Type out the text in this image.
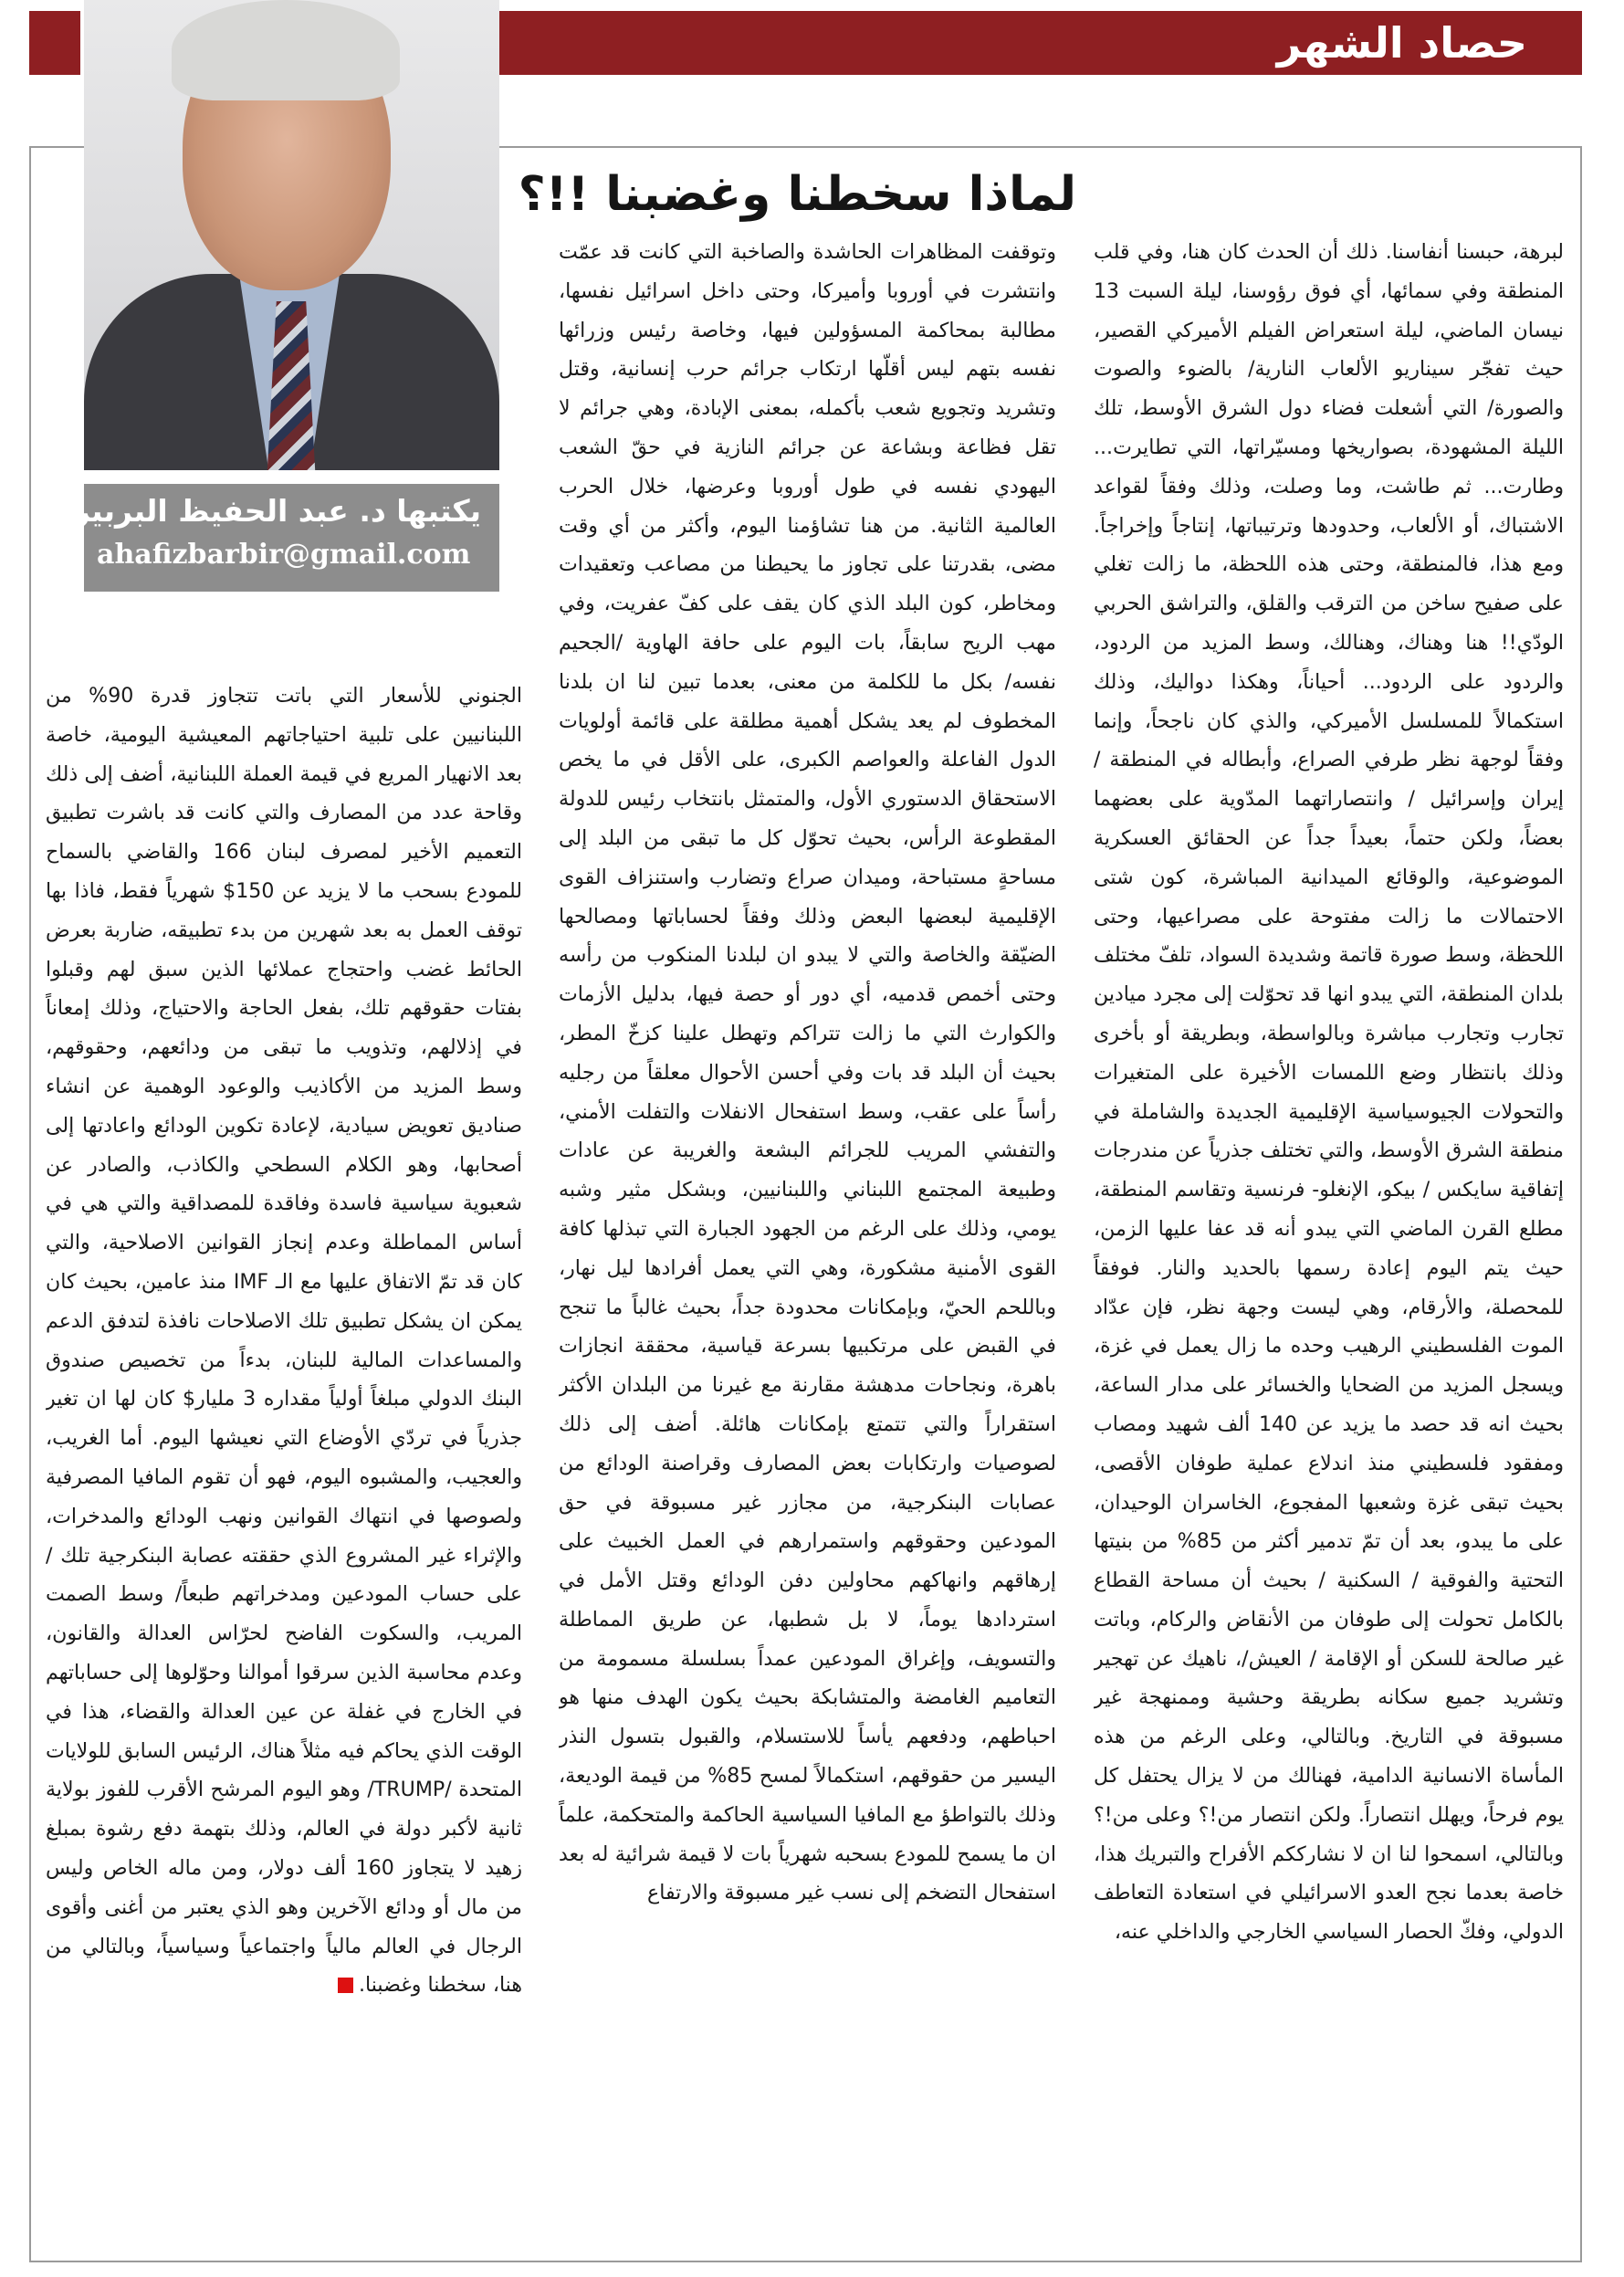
حصاد الشهر
يكتبها د. عبد الحفيظ البربير
ahafizbarbir@gmail.com
لماذا سخطنا وغضبنا !!؟

لبرهة، حبسنا أنفاسنا. ذلك أن الحدث كان هنا، وفي قلب المنطقة وفي سمائها، أي فوق رؤوسنا، ليلة السبت 13 نيسان الماضي، ليلة استعراض الفيلم الأميركي القصير، حيث تفجّر سيناريو الألعاب النارية/ بالضوء والصوت والصورة/ التي أشعلت فضاء دول الشرق الأوسط، تلك الليلة المشهودة، بصواريخها ومسيّراتها، التي تطايرت... وطارت... ثم طاشت، وما وصلت، وذلك وفقاً لقواعد الاشتباك، أو الألعاب، وحدودها وترتيباتها، إنتاجاً وإخراجاً. ومع هذا، فالمنطقة، وحتى هذه اللحظة، ما زالت تغلي على صفيح ساخن من الترقب والقلق، والتراشق الحربي الودّي!! هنا وهناك، وهنالك، وسط المزيد من الردود، والردود على الردود... أحياناً، وهكذا دواليك، وذلك استكمالاً للمسلسل الأميركي، والذي كان ناجحاً، وإنما وفقاً لوجهة نظر طرفي الصراع، وأبطاله في المنطقة / إيران وإسرائيل / وانتصاراتهما المدّوية على بعضهما بعضاً، ولكن حتماً، بعيداً جداً عن الحقائق العسكرية الموضوعية، والوقائع الميدانية المباشرة، كون شتى الاحتمالات ما زالت مفتوحة على مصراعيها، وحتى اللحظة، وسط صورة قاتمة وشديدة السواد، تلفّ مختلف بلدان المنطقة، التي يبدو انها قد تحوّلت إلى مجرد ميادين تجارب وتجارب مباشرة وبالواسطة، وبطريقة أو بأخرى وذلك بانتظار وضع اللمسات الأخيرة على المتغيرات والتحولات الجيوسياسية الإقليمية الجديدة والشاملة في منطقة الشرق الأوسط، والتي تختلف جذرياً عن مندرجات إتفاقية سايكس / بيكو، الإنغلو- فرنسية وتقاسم المنطقة، مطلع القرن الماضي التي يبدو أنه قد عفا عليها الزمن، حيث يتم اليوم إعادة رسمها بالحديد والنار. فوفقاً للمحصلة، والأرقام، وهي ليست وجهة نظر، فإن عدّاد الموت الفلسطيني الرهيب وحده ما زال يعمل في غزة، ويسجل المزيد من الضحايا والخسائر على مدار الساعة، بحيث انه قد حصد ما يزيد عن 140 ألف شهيد ومصاب ومفقود فلسطيني منذ اندلاع عملية طوفان الأقصى، بحيث تبقى غزة وشعبها المفجوع، الخاسران الوحيدان، على ما يبدو، بعد أن تمّ تدمير أكثر من 85% من بنيتها التحتية والفوقية / السكنية / بحيث أن مساحة القطاع بالكامل تحولت إلى طوفان من الأنقاض والركام، وباتت غير صالحة للسكن أو الإقامة / العيش/، ناهيك عن تهجير وتشريد جميع سكانه بطريقة وحشية وممنهجة غير مسبوقة في التاريخ. وبالتالي، وعلى الرغم من هذه المأساة الانسانية الدامية، فهنالك من لا يزال يحتفل كل يوم فرحاً، ويهلل انتصاراً. ولكن انتصار من!؟ وعلى من!؟ وبالتالي، اسمحوا لنا ان لا نشارككم الأفراح والتبريك هذا، خاصة بعدما نجح العدو الاسرائيلي في استعادة التعاطف الدولي، وفكّ الحصار السياسي الخارجي والداخلي عنه،

وتوقفت المظاهرات الحاشدة والصاخبة التي كانت قد عمّت وانتشرت في أوروبا وأميركا، وحتى داخل اسرائيل نفسها، مطالبة بمحاكمة المسؤولين فيها، وخاصة رئيس وزرائها نفسه بتهم ليس أقلّها ارتكاب جرائم حرب إنسانية، وقتل وتشريد وتجويع شعب بأكمله، بمعنى الإبادة، وهي جرائم لا تقل فظاعة وبشاعة عن جرائم النازية في حقّ الشعب اليهودي نفسه في طول أوروبا وعرضها، خلال الحرب العالمية الثانية. من هنا تشاؤمنا اليوم، وأكثر من أي وقت مضى، بقدرتنا على تجاوز ما يحيطنا من مصاعب وتعقيدات ومخاطر، كون البلد الذي كان يقف على كفّ عفريت، وفي مهب الريح سابقاً، بات اليوم على حافة الهاوية /الجحيم نفسه/ بكل ما للكلمة من معنى، بعدما تبين لنا ان بلدنا المخطوف لم يعد يشكل أهمية مطلقة على قائمة أولويات الدول الفاعلة والعواصم الكبرى، على الأقل في ما يخص الاستحقاق الدستوري الأول، والمتمثل بانتخاب رئيس للدولة المقطوعة الرأس، بحيث تحوّل كل ما تبقى من البلد إلى مساحةٍ مستباحة، وميدان صراع وتضارب واستنزاف القوى الإقليمية لبعضها البعض وذلك وفقاً لحساباتها ومصالحها الضيّقة والخاصة والتي لا يبدو ان لبلدنا المنكوب من رأسه وحتى أخمص قدميه، أي دور أو حصة فيها، بدليل الأزمات والكوارث التي ما زالت تتراكم وتهطل علينا كزخّ المطر، بحيث أن البلد قد بات وفي أحسن الأحوال معلقاً من رجليه رأساً على عقب، وسط استفحال الانفلات والتفلت الأمني، والتفشي المريب للجرائم البشعة والغريبة عن عادات وطبيعة المجتمع اللبناني واللبنانيين، وبشكل مثير وشبه يومي، وذلك على الرغم من الجهود الجبارة التي تبذلها كافة القوى الأمنية مشكورة، وهي التي يعمل أفرادها ليل نهار، وباللحم الحيّ، وبإمكانات محدودة جداً، بحيث غالباً ما تنجح في القبض على مرتكبيها بسرعة قياسية، محققة انجازات باهرة، ونجاحات مدهشة مقارنة مع غيرنا من البلدان الأكثر استقراراً والتي تتمتع بإمكانات هائلة. أضف إلى ذلك لصوصيات وارتكابات بعض المصارف وقراصنة الودائع من عصابات البنكرجية، من مجازر غير مسبوقة في حق المودعين وحقوقهم واستمرارهم في العمل الخبيث على إرهاقهم وانهاكهم محاولين دفن الودائع وقتل الأمل في استردادها يوماً، لا بل شطبها، عن طريق المماطلة والتسويف، وإغراق المودعين عمداً بسلسلة مسمومة من التعاميم الغامضة والمتشابكة بحيث يكون الهدف منها هو احباطهم، ودفعهم يأساً للاستسلام، والقبول بتسول النذر اليسير من حقوقهم، استكمالاً لمسح 85% من قيمة الوديعة، وذلك بالتواطؤ مع المافيا السياسية الحاكمة والمتحكمة، علماً ان ما يسمح للمودع بسحبه شهرياً بات لا قيمة شرائية له بعد استفحال التضخم إلى نسب غير مسبوقة والارتفاع

الجنوني للأسعار التي باتت تتجاوز قدرة 90% من اللبنانيين على تلبية احتياجاتهم المعيشية اليومية، خاصة بعد الانهيار المريع في قيمة العملة اللبنانية، أضف إلى ذلك وقاحة عدد من المصارف والتي كانت قد باشرت تطبيق التعميم الأخير لمصرف لبنان 166 والقاضي بالسماح للمودع بسحب ما لا يزيد عن 150$ شهرياً فقط، فاذا بها توقف العمل به بعد شهرين من بدء تطبيقه، ضاربة بعرض الحائط غضب واحتجاج عملائها الذين سبق لهم وقبلوا بفتات حقوقهم تلك، بفعل الحاجة والاحتياج، وذلك إمعاناً في إذلالهم، وتذويب ما تبقى من ودائعهم، وحقوقهم، وسط المزيد من الأكاذيب والوعود الوهمية عن انشاء صناديق تعويض سيادية، لإعادة تكوين الودائع واعادتها إلى أصحابها، وهو الكلام السطحي والكاذب، والصادر عن شعبوية سياسية فاسدة وفاقدة للمصداقية والتي هي في أساس المماطلة وعدم إنجاز القوانين الاصلاحية، والتي كان قد تمّ الاتفاق عليها مع الـ IMF منذ عامين، بحيث كان يمكن ان يشكل تطبيق تلك الاصلاحات نافذة لتدفق الدعم والمساعدات المالية للبنان، بدءاً من تخصيص صندوق البنك الدولي مبلغاً أولياً مقداره 3 مليار$ كان لها ان تغير جذرياً في تردّي الأوضاع التي نعيشها اليوم. أما الغريب، والعجيب، والمشبوه اليوم، فهو أن تقوم المافيا المصرفية ولصوصها في انتهاك القوانين ونهب الودائع والمدخرات، والإثراء غير المشروع الذي حققته عصابة البنكرجية تلك / على حساب المودعين ومدخراتهم طبعاً/ وسط الصمت المريب، والسكوت الفاضح لحرّاس العدالة والقانون، وعدم محاسبة الذين سرقوا أموالنا وحوّلوها إلى حساباتهم في الخارج في غفلة عن عين العدالة والقضاء، هذا في الوقت الذي يحاكم فيه مثلاً هناك، الرئيس السابق للولايات المتحدة /TRUMP/ وهو اليوم المرشح الأقرب للفوز بولاية ثانية لأكبر دولة في العالم، وذلك بتهمة دفع رشوة بمبلغ زهيد لا يتجاوز 160 ألف دولار، ومن ماله الخاص وليس من مال أو ودائع الآخرين وهو الذي يعتبر من أغنى وأقوى الرجال في العالم مالياً واجتماعياً وسياسياً، وبالتالي من هنا، سخطنا وغضبنا.
